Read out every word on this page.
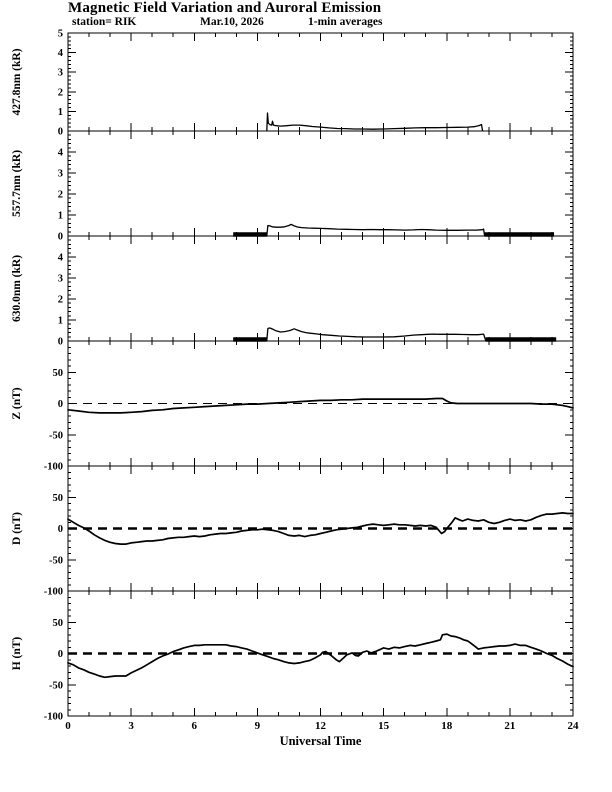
Magnetic Field Variation and Auroral Emission
station= RIK	Mar.10, 2026	1-min averages
0
1
2
3
4
5
427.8nm (kR)
0
1
2
3
4
557.7nm (kR)
0
1
2
3
4
630.0nm (kR)
50
0
-50
-100
Z (nT)
50
0
-50
-100
D (nT)
50
0
-50
-100
H (nT)
0	3	6	9	12	15	18	21	24
Universal Time
